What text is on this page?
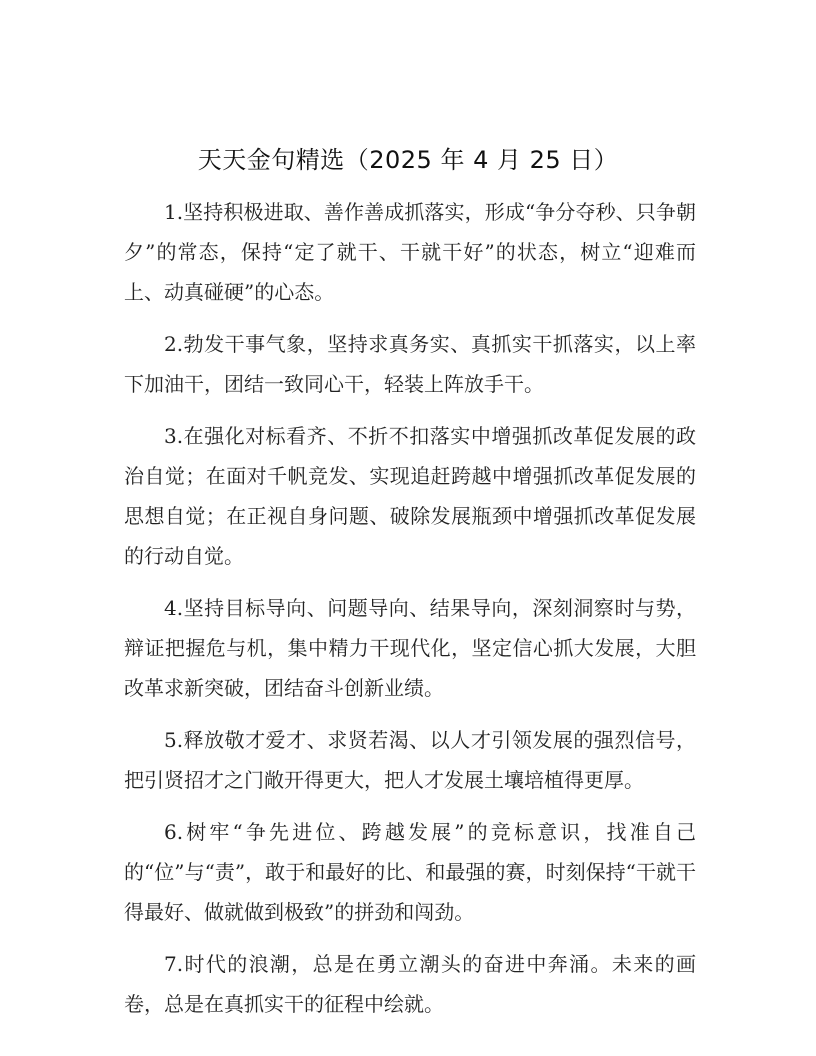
天天金句精选（2025 年 4 月 25 日）

1.坚持积极进取、善作善成抓落实，形成“争分夺秒、只争朝夕”的常态，保持“定了就干、干就干好”的状态，树立“迎难而上、动真碰硬”的心态。

2.勃发干事气象，坚持求真务实、真抓实干抓落实，以上率下加油干，团结一致同心干，轻装上阵放手干。

3.在强化对标看齐、不折不扣落实中增强抓改革促发展的政治自觉；在面对千帆竞发、实现追赶跨越中增强抓改革促发展的思想自觉；在正视自身问题、破除发展瓶颈中增强抓改革促发展的行动自觉。

4.坚持目标导向、问题导向、结果导向，深刻洞察时与势，辩证把握危与机，集中精力干现代化，坚定信心抓大发展，大胆改革求新突破，团结奋斗创新业绩。

5.释放敬才爱才、求贤若渴、以人才引领发展的强烈信号，把引贤招才之门敞开得更大，把人才发展土壤培植得更厚。

6.树牢“争先进位、跨越发展”的竞标意识，找准自己的“位”与“责”，敢于和最好的比、和最强的赛，时刻保持“干就干得最好、做就做到极致”的拼劲和闯劲。

7.时代的浪潮，总是在勇立潮头的奋进中奔涌。未来的画卷，总是在真抓实干的征程中绘就。
